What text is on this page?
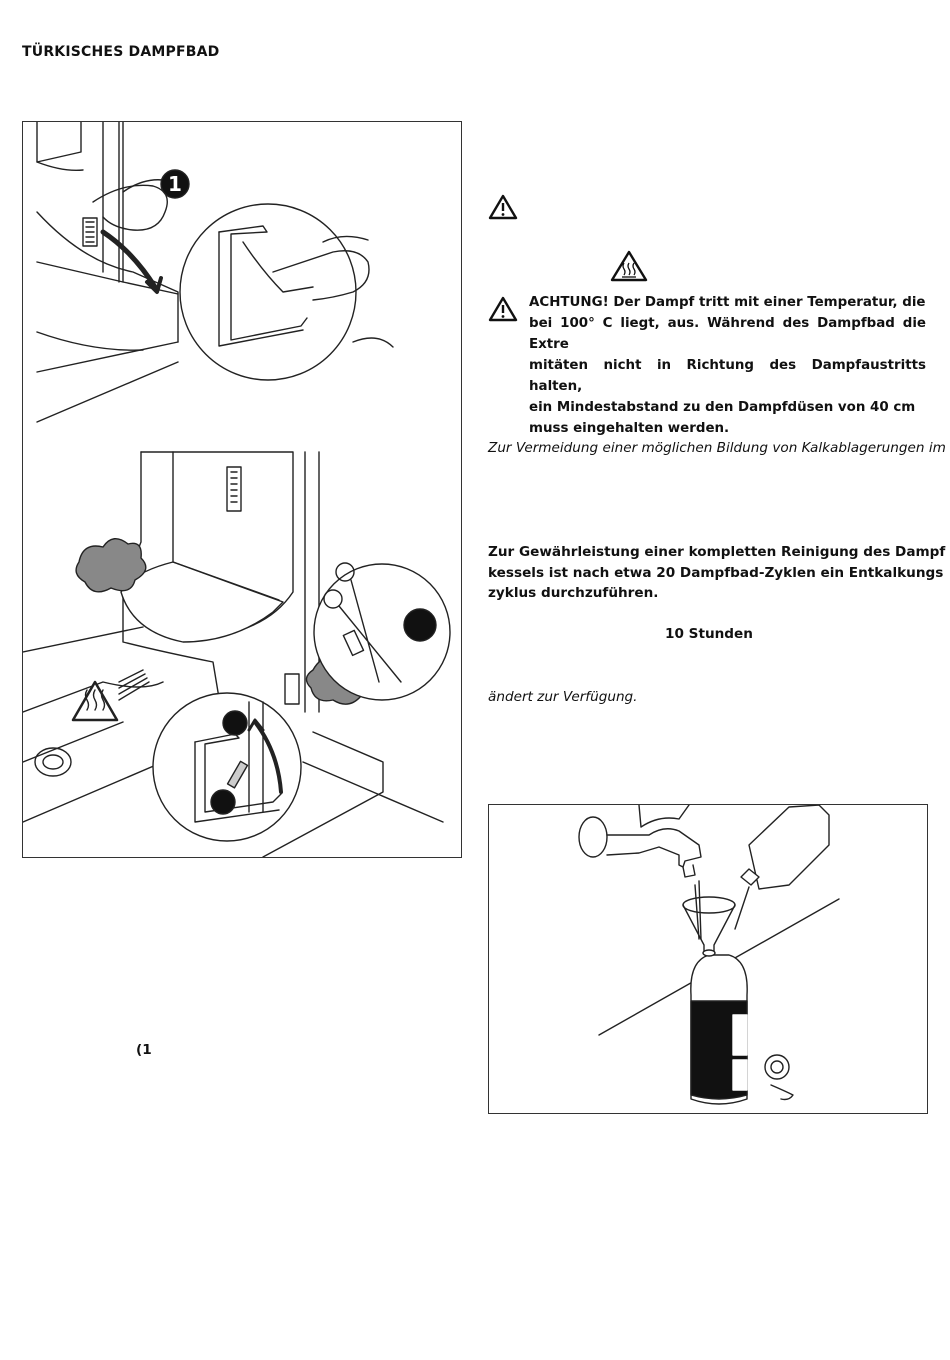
TÜRKISCHES DAMPFBAD
1

ACHTUNG! Der Dampf tritt mit einer Temperatur, die

bei 100° C liegt, aus. Während des Dampfbad die Extre

mitäten nicht in Richtung des Dampfaustritts halten,

ein Mindestabstand zu den Dampfdüsen von 40 cm

muss eingehalten werden.

Zur Vermeidung einer möglichen Bildung von Kalkablagerungen im

Zur Gewährleistung einer kompletten Reinigung des Dampf

kessels ist nach etwa 20 Dampfbad-Zyklen ein Entkalkungs

zyklus durchzuführen.

10 Stunden
ändert zur Verfügung.
(1
